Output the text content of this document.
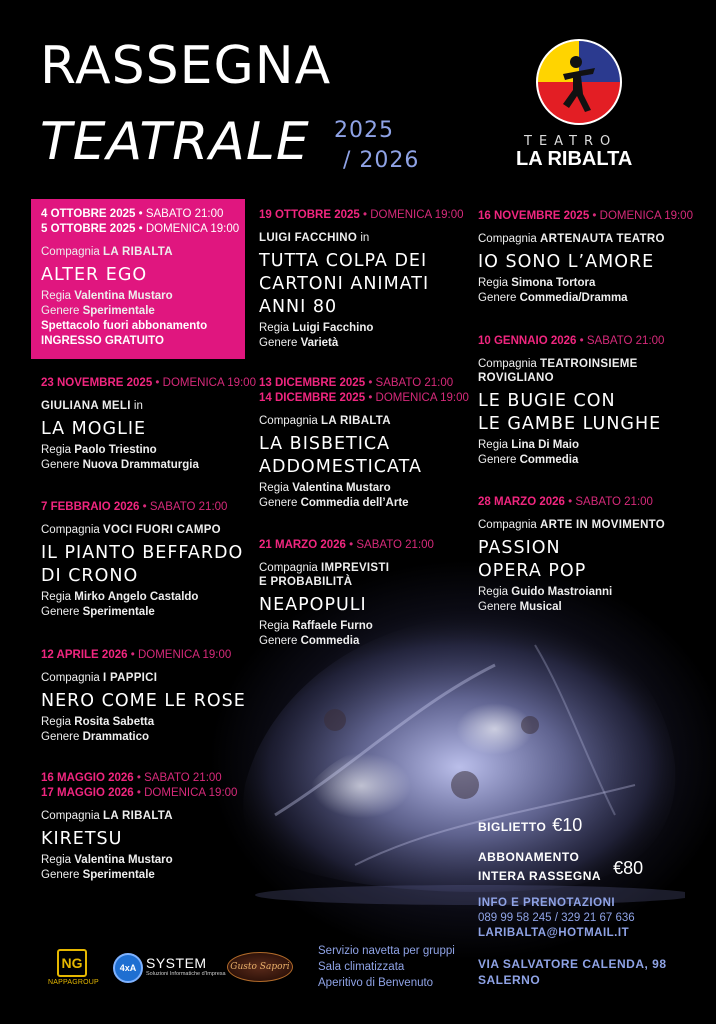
RASSEGNA
TEATRALE 2025
/ 2026
TEATRO
LA RIBALTA
4 OTTOBRE 2025 • SABATO 21:00
5 OTTOBRE 2025 • DOMENICA 19:00
Compagnia LA RIBALTA
ALTER EGO
Regia Valentina Mustaro
Genere Sperimentale
Spettacolo fuori abbonamento
INGRESSO GRATUITO
23 NOVEMBRE 2025 • DOMENICA 19:00
GIULIANA MELI in
LA MOGLIE
Regia Paolo Triestino
Genere Nuova Drammaturgia
7 FEBBRAIO 2026 • SABATO 21:00
Compagnia VOCI FUORI CAMPO
IL PIANTO BEFFARDO
DI CRONO
Regia Mirko Angelo Castaldo
Genere Sperimentale
12 APRILE 2026 • DOMENICA 19:00
Compagnia I PAPPICI
NERO COME LE ROSE
Regia Rosita Sabetta
Genere Drammatico
16 MAGGIO 2026 • SABATO 21:00
17 MAGGIO 2026 • DOMENICA 19:00
Compagnia LA RIBALTA
KIRETSU
Regia Valentina Mustaro
Genere Sperimentale
19 OTTOBRE 2025 • DOMENICA 19:00
LUIGI FACCHINO in
TUTTA COLPA DEI
CARTONI ANIMATI
ANNI 80
Regia Luigi Facchino
Genere Varietà
13 DICEMBRE 2025 • SABATO 21:00
14 DICEMBRE 2025 • DOMENICA 19:00
Compagnia LA RIBALTA
LA BISBETICA
ADDOMESTICATA
Regia Valentina Mustaro
Genere Commedia dell’Arte
21 MARZO 2026 • SABATO 21:00
Compagnia IMPREVISTI
E PROBABILITÀ
NEAPOPULI
Regia Raffaele Furno
Genere Commedia
16 NOVEMBRE 2025 • DOMENICA 19:00
Compagnia ARTENAUTA TEATRO
IO SONO L’AMORE
Regia Simona Tortora
Genere Commedia/Dramma
10 GENNAIO 2026 • SABATO 21:00
Compagnia TEATROINSIEME
ROVIGLIANO
LE BUGIE CON
LE GAMBE LUNGHE
Regia Lina Di Maio
Genere Commedia
28 MARZO 2026 • SABATO 21:00
Compagnia ARTE IN MOVIMENTO
PASSION
OPERA POP
Regia Guido Mastroianni
Genere Musical
BIGLIETTO €10
ABBONAMENTO
INTERA RASSEGNA €80
INFO E PRENOTAZIONI
089 99 58 245 / 329 21 67 636
LARIBALTA@HOTMAIL.IT
VIA SALVATORE CALENDA, 98
SALERNO
Servizio navetta per gruppi
Sala climatizzata
Aperitivo di Benvenuto
NG
NAPPAGROUP
4xA SYSTEM
Soluzioni Informatiche d'Impresa
Gusto Sapori
